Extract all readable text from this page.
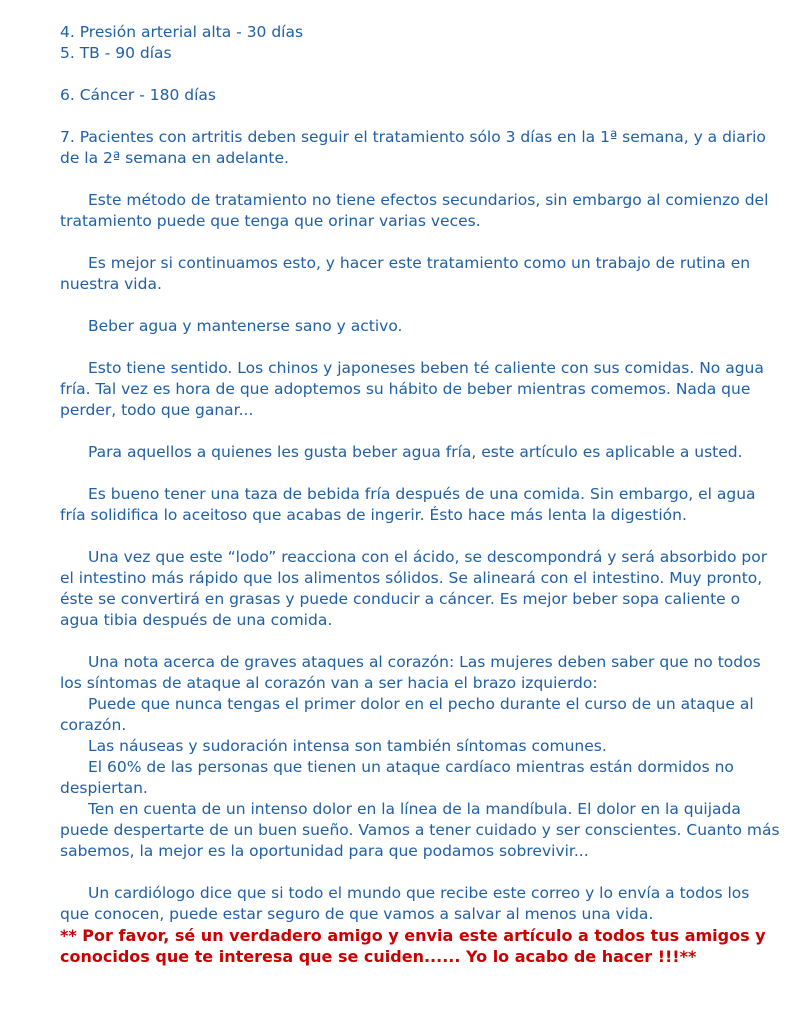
4. Presión arterial alta - 30 días

5. TB - 90 días

6. Cáncer - 180 días

7. Pacientes con artritis deben seguir el tratamiento sólo 3 días en la 1ª semana, y a diario de la 2ª semana en adelante.

Este método de tratamiento no tiene efectos secundarios, sin embargo al comienzo del tratamiento puede que tenga que orinar varias veces.

Es mejor si continuamos esto, y hacer este tratamiento como un trabajo de rutina en nuestra vida.

Beber agua y mantenerse sano y activo.

Esto tiene sentido. Los chinos y japoneses beben té caliente con sus comidas. No agua fría. Tal vez es hora de que adoptemos su hábito de beber mientras comemos. Nada que perder, todo que ganar...

Para aquellos a quienes les gusta beber agua fría, este artículo es aplicable a usted.

Es bueno tener una taza de bebida fría después de una comida. Sin embargo, el agua fría solidifica lo aceitoso que acabas de ingerir. Ésto hace más lenta la digestión.

Una vez que este “lodo” reacciona con el ácido, se descompondrá y será absorbido por el intestino más rápido que los alimentos sólidos. Se alineará con el intestino. Muy pronto, éste se convertirá en grasas y puede conducir a cáncer. Es mejor beber sopa caliente o agua tibia después de una comida.

Una nota acerca de graves ataques al corazón: Las mujeres deben saber que no todos los síntomas de ataque al corazón van a ser hacia el brazo izquierdo:

Puede que nunca tengas el primer dolor en el pecho durante el curso de un ataque al corazón.

Las náuseas y sudoración intensa son también síntomas comunes.

El 60% de las personas que tienen un ataque cardíaco mientras están dormidos no despiertan.

Ten en cuenta de un intenso dolor en la línea de la mandíbula. El dolor en la quijada puede despertarte de un buen sueño. Vamos a tener cuidado y ser conscientes. Cuanto más sabemos, la mejor es la oportunidad para que podamos sobrevivir...

Un cardiólogo dice que si todo el mundo que recibe este correo y lo envía a todos los que conocen, puede estar seguro de que vamos a salvar al menos una vida.

** Por favor, sé un verdadero amigo y envia este artículo a todos tus amigos y conocidos que te interesa que se cuiden...... Yo lo acabo de hacer !!!**
